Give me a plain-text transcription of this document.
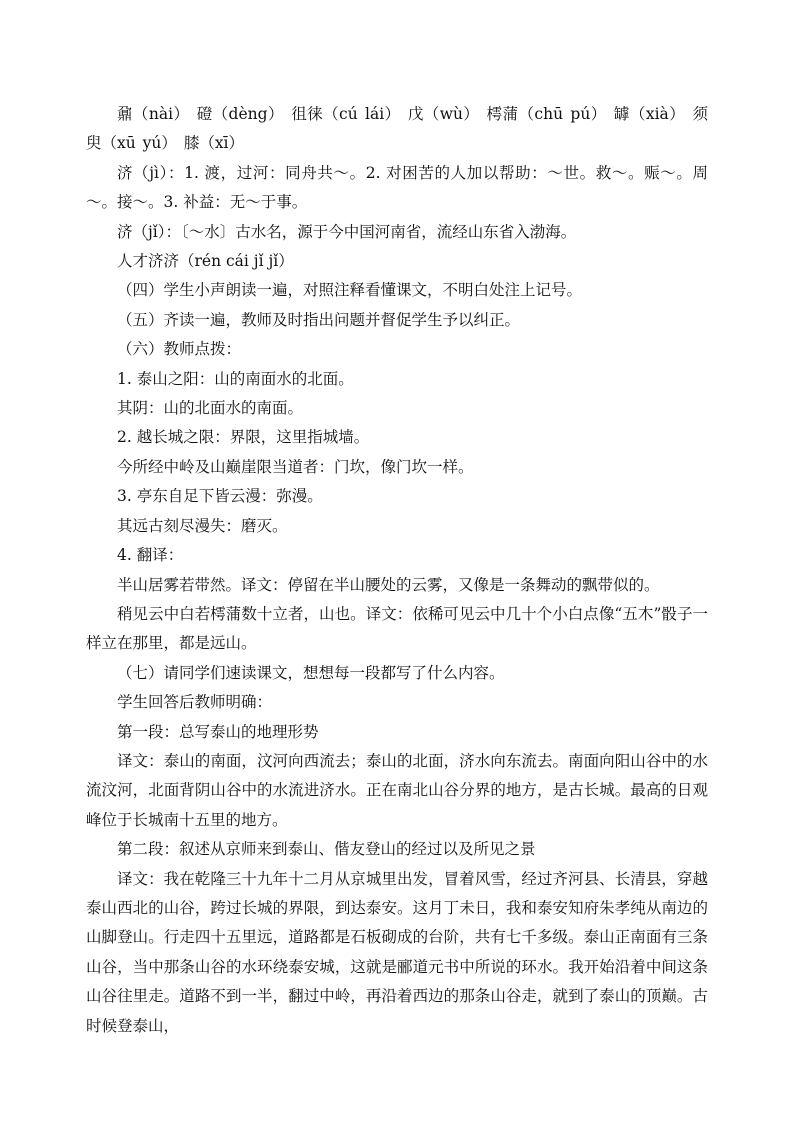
鼐（nài） 磴（dèng） 徂徕（cú lái） 戊（wù） 樗蒲（chū pú） 罅（xià） 须臾（xū yú） 膝（xī）

济（jì）：1. 渡，过河：同舟共～。2. 对困苦的人加以帮助：～世。救～。赈～。周～。接～。3. 补益：无～于事。

济（jǐ）：〔～水〕古水名，源于今中国河南省，流经山东省入渤海。

人才济济（rén cái jǐ jǐ）

（四）学生小声朗读一遍，对照注释看懂课文，不明白处注上记号。

（五）齐读一遍，教师及时指出问题并督促学生予以纠正。

（六）教师点拨：

1. 泰山之阳：山的南面水的北面。

其阴：山的北面水的南面。

2. 越长城之限：界限，这里指城墙。

今所经中岭及山巅崖限当道者：门坎，像门坎一样。

3. 亭东自足下皆云漫：弥漫。

其远古刻尽漫失：磨灭。

4. 翻译：

半山居雾若带然。译文：停留在半山腰处的云雾，又像是一条舞动的飘带似的。

稍见云中白若樗蒲数十立者，山也。译文：依稀可见云中几十个小白点像“五木”骰子一样立在那里，都是远山。

（七）请同学们速读课文，想想每一段都写了什么内容。

学生回答后教师明确：

第一段：总写泰山的地理形势

译文：泰山的南面，汶河向西流去；泰山的北面，济水向东流去。南面向阳山谷中的水流汶河，北面背阴山谷中的水流进济水。正在南北山谷分界的地方，是古长城。最高的日观峰位于长城南十五里的地方。

第二段：叙述从京师来到泰山、偕友登山的经过以及所见之景

译文：我在乾隆三十九年十二月从京城里出发，冒着风雪，经过齐河县、长清县，穿越泰山西北的山谷，跨过长城的界限，到达泰安。这月丁未日，我和泰安知府朱孝纯从南边的山脚登山。行走四十五里远，道路都是石板砌成的台阶，共有七千多级。泰山正南面有三条山谷，当中那条山谷的水环绕泰安城，这就是郦道元书中所说的环水。我开始沿着中间这条山谷往里走。道路不到一半，翻过中岭，再沿着西边的那条山谷走，就到了泰山的顶巅。古时候登泰山，
